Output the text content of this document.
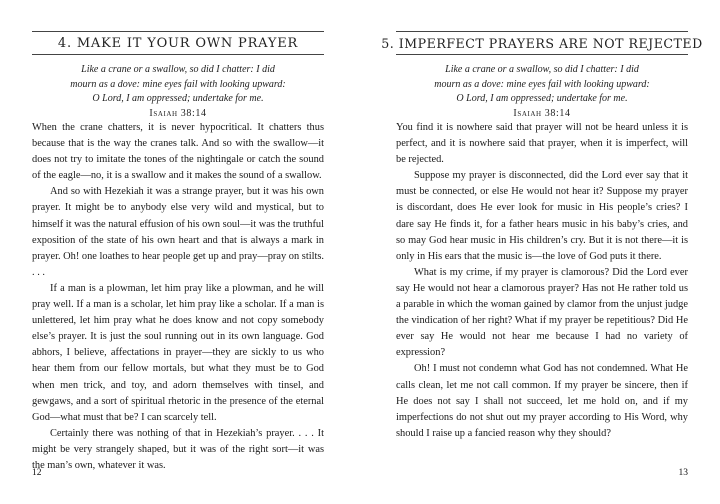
4. MAKE IT YOUR OWN PRAYER
Like a crane or a swallow, so did I chatter: I did
mourn as a dove: mine eyes fail with looking upward:
O Lord, I am oppressed; undertake for me.
Isaiah 38:14

When the crane chatters, it is never hypocritical. It chatters thus because that is the way the cranes talk. And so with the swallow—it does not try to imitate the tones of the nightingale or catch the sound of the eagle—no, it is a swallow and it makes the sound of a swallow.

And so with Hezekiah it was a strange prayer, but it was his own prayer. It might be to anybody else very wild and mystical, but to himself it was the natural effusion of his own soul—it was the truthful exposition of the state of his own heart and that is always a mark in prayer. Oh! one loathes to hear people get up and pray—pray on stilts. . . .

If a man is a plowman, let him pray like a plowman, and he will pray well. If a man is a scholar, let him pray like a scholar. If a man is unlettered, let him pray what he does know and not copy somebody else’s prayer. It is just the soul running out in its own language. God abhors, I believe, affectations in prayer—they are sickly to us who hear them from our fellow mortals, but what they must be to God when men trick, and toy, and adorn themselves with tinsel, and gewgaws, and a sort of spiritual rhetoric in the presence of the eternal God—what must that be? I can scarcely tell.

Certainly there was nothing of that in Hezekiah’s prayer. . . . It might be very strangely shaped, but it was of the right sort—it was the man’s own, whatever it was.

12
5. IMPERFECT PRAYERS ARE NOT REJECTED
Like a crane or a swallow, so did I chatter: I did
mourn as a dove: mine eyes fail with looking upward:
O Lord, I am oppressed; undertake for me.
Isaiah 38:14

You find it is nowhere said that prayer will not be heard unless it is perfect, and it is nowhere said that prayer, when it is imperfect, will be rejected.

Suppose my prayer is disconnected, did the Lord ever say that it must be connected, or else He would not hear it? Suppose my prayer is discordant, does He ever look for music in His people’s cries? I dare say He finds it, for a father hears music in his baby’s cries, and so may God hear music in His children’s cry. But it is not there—it is only in His ears that the music is—the love of God puts it there.

What is my crime, if my prayer is clamorous? Did the Lord ever say He would not hear a clamorous prayer? Has not He rather told us a parable in which the woman gained by clamor from the unjust judge the vindication of her right? What if my prayer be repetitious? Did He ever say He would not hear me because I had no variety of expression?

Oh! I must not condemn what God has not condemned. What He calls clean, let me not call common. If my prayer be sincere, then if He does not say I shall not succeed, let me hold on, and if my imperfections do not shut out my prayer according to His Word, why should I raise up a fancied reason why they should?

13
